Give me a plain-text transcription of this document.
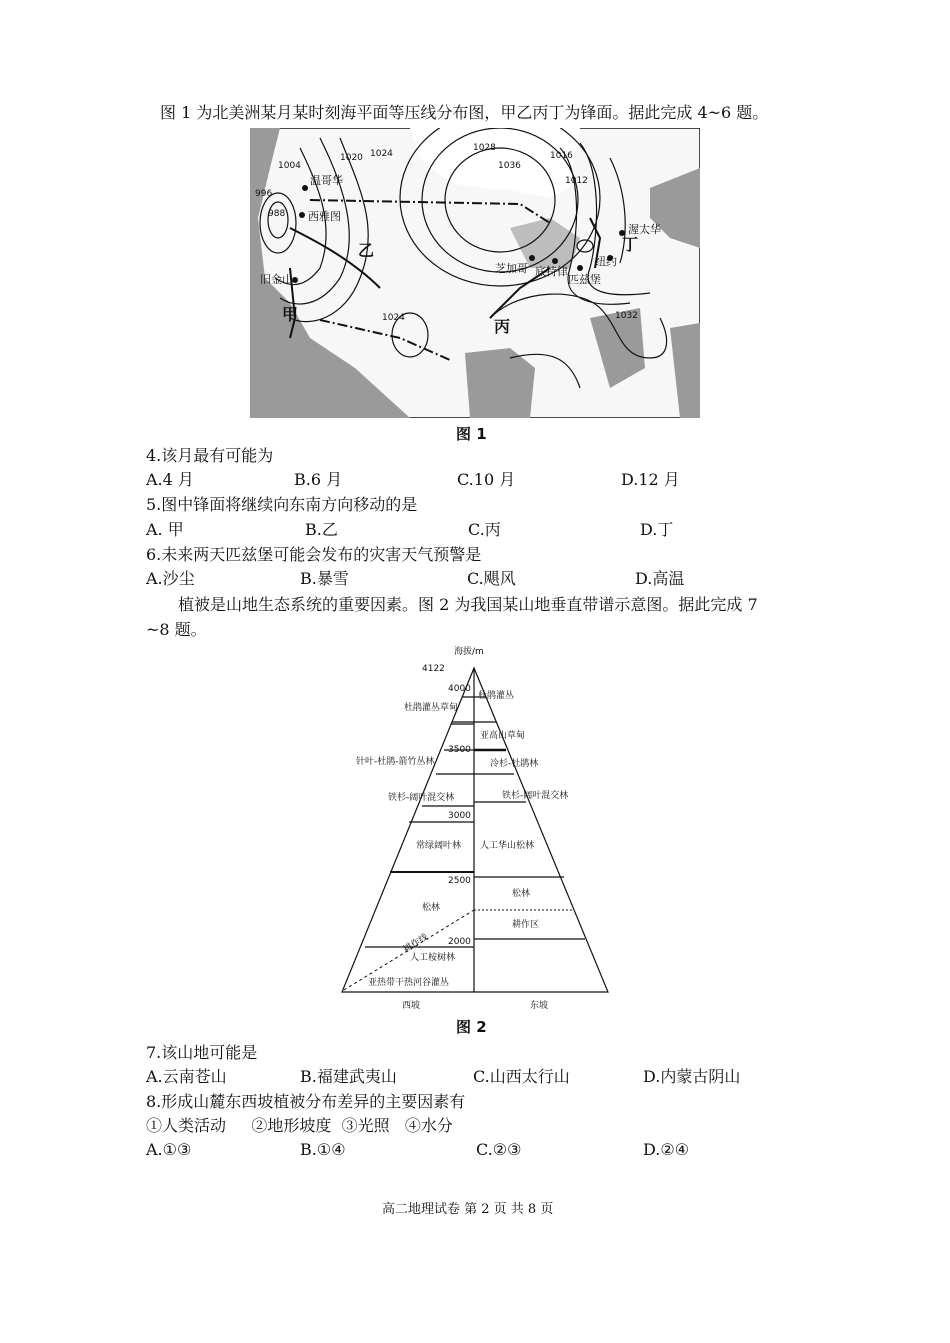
图 1 为北美洲某月某时刻海平面等压线分布图，甲乙丙丁为锋面。据此完成 4~6 题。
1028
1036
1020 1024
1004
996
988
1016
1012
1024	1032
温哥华
西雅图
旧金山
芝加哥 底特律
匹兹堡
纽约
渥太华
甲
乙
丙
丁
图 1
4.该月最有可能为
A.4 月	B.6 月	C.10 月	D.12 月
5.图中锋面将继续向东南方向移动的是
A. 甲	B.乙	C.丙	D.丁
6.未来两天匹兹堡可能会发布的灾害天气预警是
A.沙尘	B.暴雪	C.飓风	D.高温
植被是山地生态系统的重要因素。图 2 为我国某山地垂直带谱示意图。据此完成 7
~8 题。
海拔/m
4122
4000
3500
3000
2500
2000
杜鹃灌丛草甸
针叶-杜鹃-箭竹丛林
铁杉-阔叶混交林
常绿阔叶林
松林
人工桉树林
亚热带干热河谷灌丛
杜鹃灌丛
亚高山草甸
冷杉-杜鹃林
铁杉-阔叶混交林
人工华山松林
松林
耕作区
耕作线
西坡	东坡
图 2
7.该山地可能是
A.云南苍山	B.福建武夷山	C.山西太行山	D.内蒙古阴山
8.形成山麓东西坡植被分布差异的主要因素有
①人类活动     ②地形坡度  ③光照   ④水分
A.①③	B.①④	C.②③	D.②④
高二地理试卷 第 2 页 共 8 页
